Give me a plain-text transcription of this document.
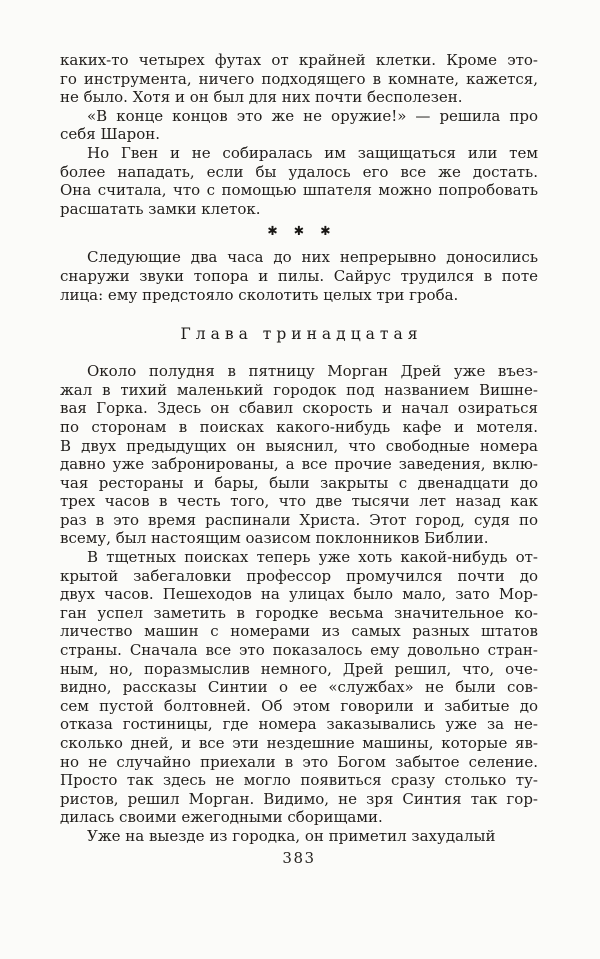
каких-то четырех футах от крайней клетки. Кроме это-
го инструмента, ничего подходящего в комнате, кажется,
не было. Хотя и он был для них почти бесполезен.
«В конце концов это же не оружие!» — решила про
себя Шарон.
Но Гвен и не собиралась им защищаться или тем
более нападать, если бы удалось его все же достать.
Она считала, что с помощью шпателя можно попробовать
расшатать замки клеток.
✱ ✱ ✱
Следующие два часа до них непрерывно доносились
снаружи звуки топора и пилы. Сайрус трудился в поте
лица: ему предстояло сколотить целых три гроба.
Глава тринадцатая
Около полудня в пятницу Морган Дрей уже въез-
жал в тихий маленький городок под названием Вишне-
вая Горка. Здесь он сбавил скорость и начал озираться
по сторонам в поисках какого-нибудь кафе и мотеля.
В двух предыдущих он выяснил, что свободные номера
давно уже забронированы, а все прочие заведения, вклю-
чая рестораны и бары, были закрыты с двенадцати до
трех часов в честь того, что две тысячи лет назад как
раз в это время распинали Христа. Этот город, судя по
всему, был настоящим оазисом поклонников Библии.
В тщетных поисках теперь уже хоть какой-нибудь от-
крытой забегаловки профессор промучился почти до
двух часов. Пешеходов на улицах было мало, зато Мор-
ган успел заметить в городке весьма значительное ко-
личество машин с номерами из самых разных штатов
страны. Сначала все это показалось ему довольно стран-
ным, но, поразмыслив немного, Дрей решил, что, оче-
видно, рассказы Синтии о ее «службах» не были сов-
сем пустой болтовней. Об этом говорили и забитые до
отказа гостиницы, где номера заказывались уже за не-
сколько дней, и все эти нездешние машины, которые яв-
но не случайно приехали в это Богом забытое селение.
Просто так здесь не могло появиться сразу столько ту-
ристов, решил Морган. Видимо, не зря Синтия так гор-
дилась своими ежегодными сборищами.
Уже на выезде из городка, он приметил захудалый
383
